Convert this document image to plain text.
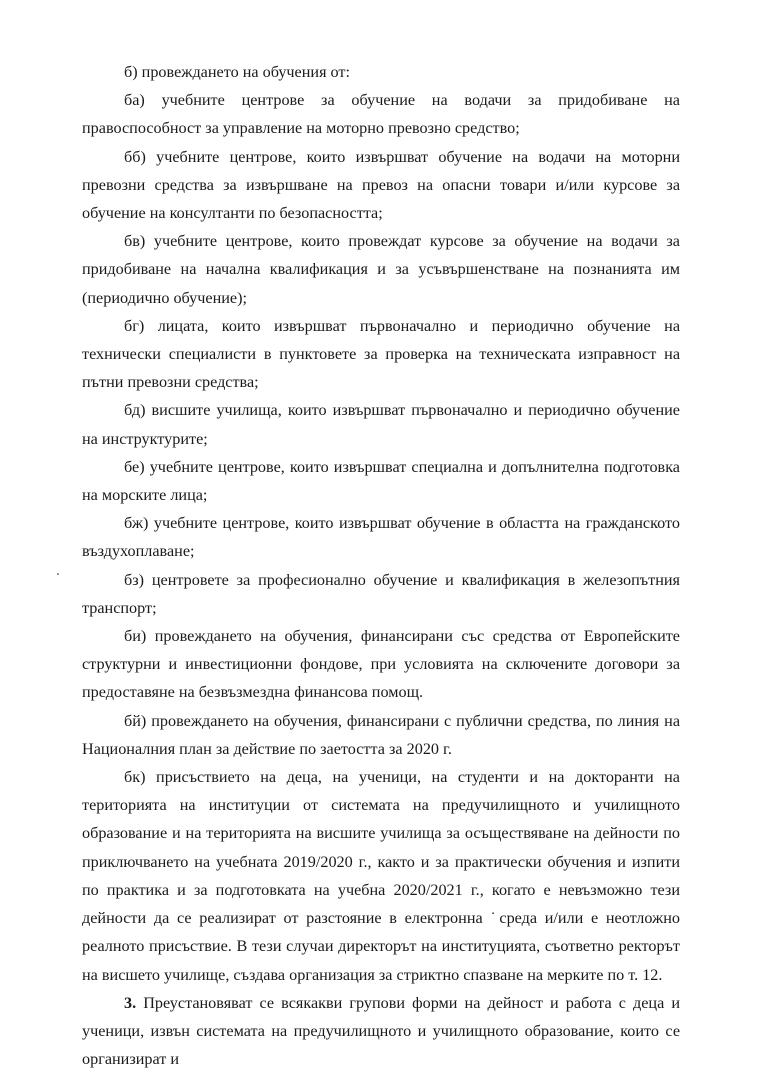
б) провеждането на обучения от:

ба) учебните центрове за обучение на водачи за придобиване на правоспособност за управление на моторно превозно средство;

бб) учебните центрове, които извършват обучение на водачи на моторни превозни средства за извършване на превоз на опасни товари и/или курсове за обучение на консултанти по безопасността;

бв) учебните центрове, които провеждат курсове за обучение на водачи за придобиване на начална квалификация и за усъвършенстване на познанията им (периодично обучение);

бг) лицата, които извършват първоначално и периодично обучение на технически специалисти в пунктовете за проверка на техническата изправност на пътни превозни средства;

бд) висшите училища, които извършват първоначално и периодично обучение на инструктурите;

бе) учебните центрове, които извършват специална и допълнителна подготовка на морските лица;

бж) учебните центрове, които извършват обучение в областта на гражданското въздухоплаване;

бз) центровете за професионално обучение и квалификация в железопътния транспорт;

би) провеждането на обучения, финансирани със средства от Европейските структурни и инвестиционни фондове, при условията на сключените договори за предоставяне на безвъзмездна финансова помощ.

бй) провеждането на обучения, финансирани с публични средства, по линия на Националния план за действие по заетостта за 2020 г.

бк) присъствието на деца, на ученици, на студенти и на докторанти на територията на институции от системата на предучилищното и училищното образование и на територията на висшите училища за осъществяване на дейности по приключването на учебната 2019/2020 г., както и за практически обучения и изпити по практика и за подготовката на учебна 2020/2021 г., когато е невъзможно тези дейности да се реализират от разстояние в електронна ˙среда и/или е неотложно реалното присъствие. В тези случаи директорът на институцията, съответно ректорът на висшето училище, създава организация за стриктно спазване на мерките по т. 12.

3. Преустановяват се всякакви групови форми на дейност и работа с деца и ученици, извън системата на предучилищното и училищното образование, които се организират и
